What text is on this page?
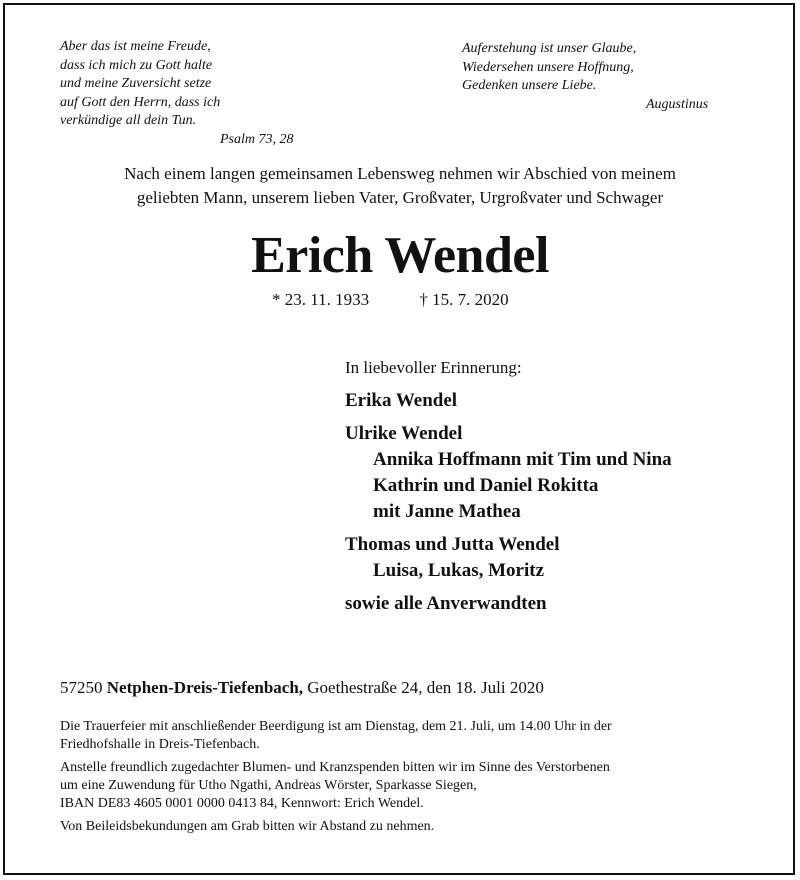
Aber das ist meine Freude,
dass ich mich zu Gott halte
und meine Zuversicht setze
auf Gott den Herrn, dass ich
verkündige all dein Tun.
Psalm 73, 28
Auferstehung ist unser Glaube,
Wiedersehen unsere Hoffnung,
Gedenken unsere Liebe.
Augustinus
Nach einem langen gemeinsamen Lebensweg nehmen wir Abschied von meinem
geliebten Mann, unserem lieben Vater, Großvater, Urgroßvater und Schwager
Erich Wendel
* 23. 11. 1933	† 15. 7. 2020
In liebevoller Erinnerung:
Erika Wendel
Ulrike Wendel
Annika Hoffmann mit Tim und Nina
Kathrin und Daniel Rokitta
mit Janne Mathea
Thomas und Jutta Wendel
Luisa, Lukas, Moritz
sowie alle Anverwandten
57250 Netphen-Dreis-Tiefenbach, Goethestraße 24, den 18. Juli 2020
Die Trauerfeier mit anschließender Beerdigung ist am Dienstag, dem 21. Juli, um 14.00 Uhr in der
Friedhofshalle in Dreis-Tiefenbach.
Anstelle freundlich zugedachter Blumen- und Kranzspenden bitten wir im Sinne des Verstorbenen
um eine Zuwendung für Utho Ngathi, Andreas Wörster, Sparkasse Siegen,
IBAN DE83 4605 0001 0000 0413 84, Kennwort: Erich Wendel.
Von Beileidsbekundungen am Grab bitten wir Abstand zu nehmen.
